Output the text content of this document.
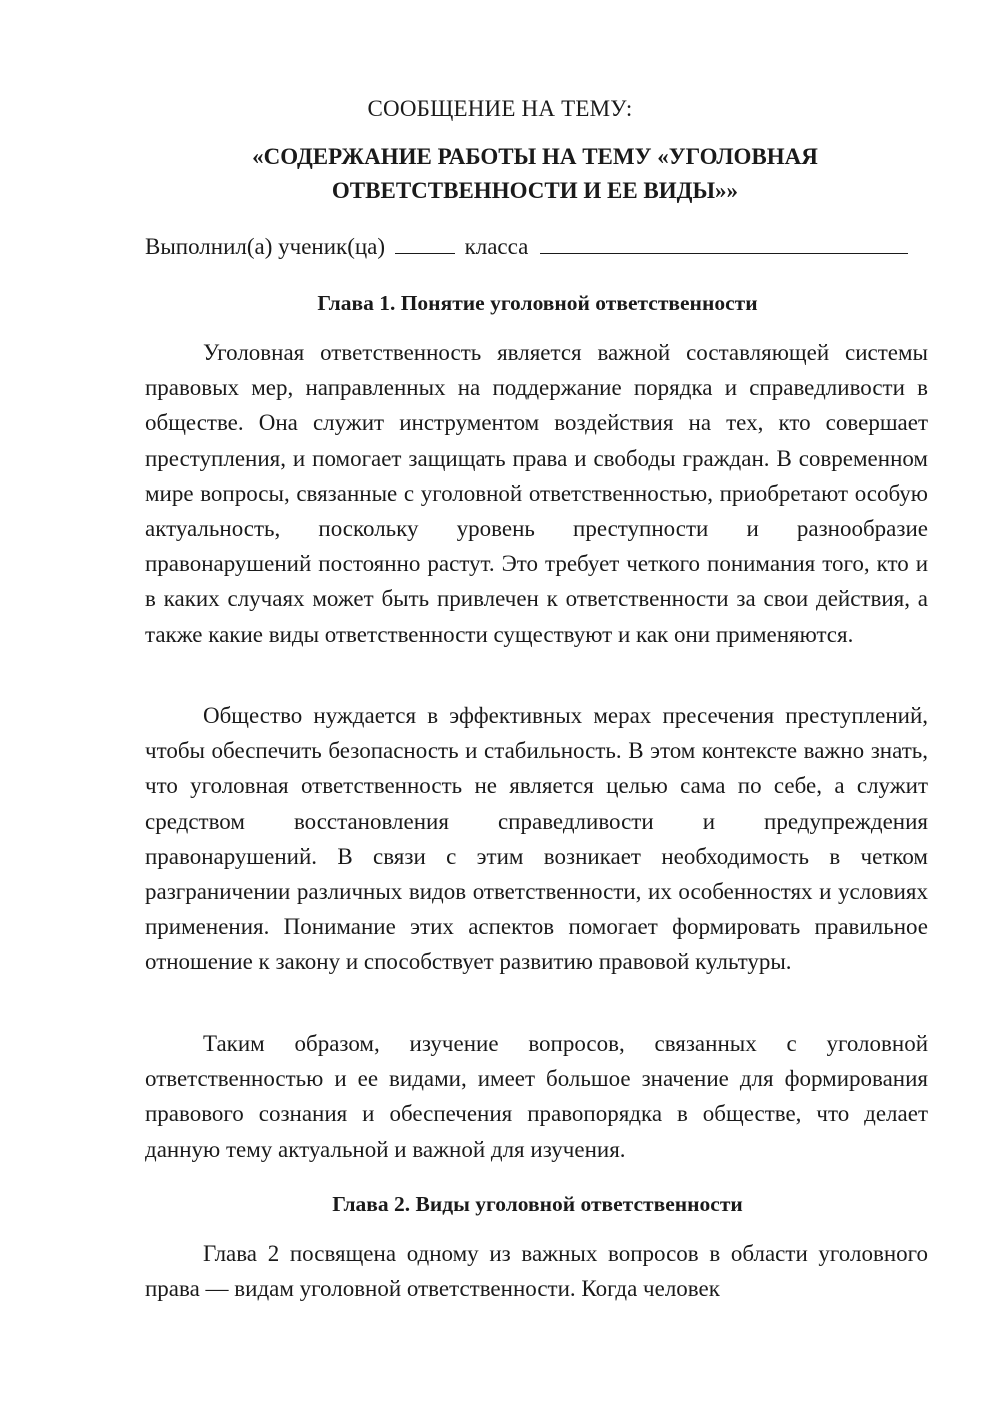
СООБЩЕНИЕ НА ТЕМУ:
«СОДЕРЖАНИЕ РАБОТЫ НА ТЕМУ «УГОЛОВНАЯ ОТВЕТСТВЕННОСТИ И ЕЕ ВИДЫ»»
Выполнил(а) ученик(ца)	класса
Глава 1. Понятие уголовной ответственности

Уголовная ответственность является важной составляющей системы правовых мер, направленных на поддержание порядка и справедливости в обществе. Она служит инструментом воздействия на тех, кто совершает преступления, и помогает защищать права и свободы граждан. В современном мире вопросы, связанные с уголовной ответственностью, приобретают особую актуальность, поскольку уровень преступности и разнообразие правонарушений постоянно растут. Это требует четкого понимания того, кто и в каких случаях может быть привлечен к ответственности за свои действия, а также какие виды ответственности существуют и как они применяются.

Общество нуждается в эффективных мерах пресечения преступлений, чтобы обеспечить безопасность и стабильность. В этом контексте важно знать, что уголовная ответственность не является целью сама по себе, а служит средством восстановления справедливости и предупреждения правонарушений. В связи с этим возникает необходимость в четком разграничении различных видов ответственности, их особенностях и условиях применения. Понимание этих аспектов помогает формировать правильное отношение к закону и способствует развитию правовой культуры.

Таким образом, изучение вопросов, связанных с уголовной ответственностью и ее видами, имеет большое значение для формирования правового сознания и обеспечения правопорядка в обществе, что делает данную тему актуальной и важной для изучения.

Глава 2. Виды уголовной ответственности

Глава 2 посвящена одному из важных вопросов в области уголовного права — видам уголовной ответственности. Когда человек
